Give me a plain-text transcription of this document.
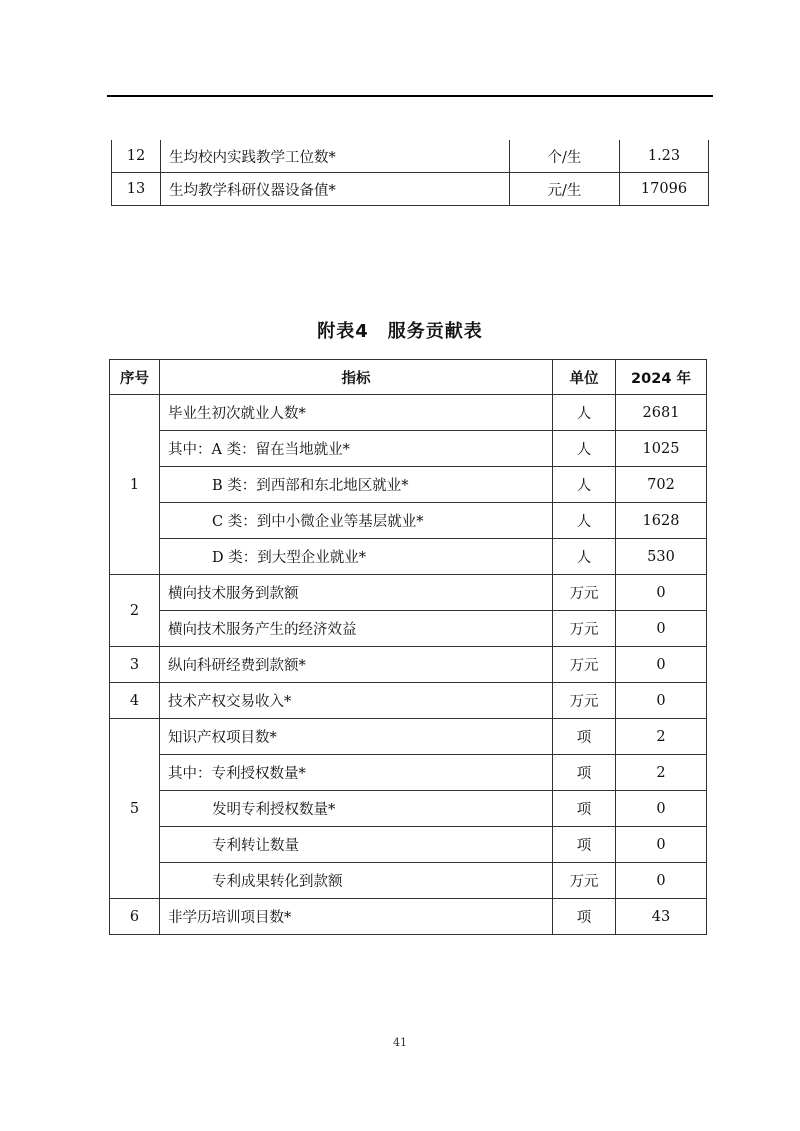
12	生均校内实践教学工位数*	个/生	1.23
13	生均教学科研仪器设备值*	元/生	17096
附表4　服务贡献表
序号	指标	单位	2024 年
1	毕业生初次就业人数*	人	2681
	其中：A 类：留在当地就业*	人	1025
	B 类：到西部和东北地区就业*	人	702
	C 类：到中小微企业等基层就业*	人	1628
	D 类：到大型企业就业*	人	530
2	横向技术服务到款额	万元	0
	横向技术服务产生的经济效益	万元	0
3	纵向科研经费到款额*	万元	0
4	技术产权交易收入*	万元	0
5	知识产权项目数*	项	2
	其中：专利授权数量*	项	2
	发明专利授权数量*	项	0
	专利转让数量	项	0
	专利成果转化到款额	万元	0
6	非学历培训项目数*	项	43
41
